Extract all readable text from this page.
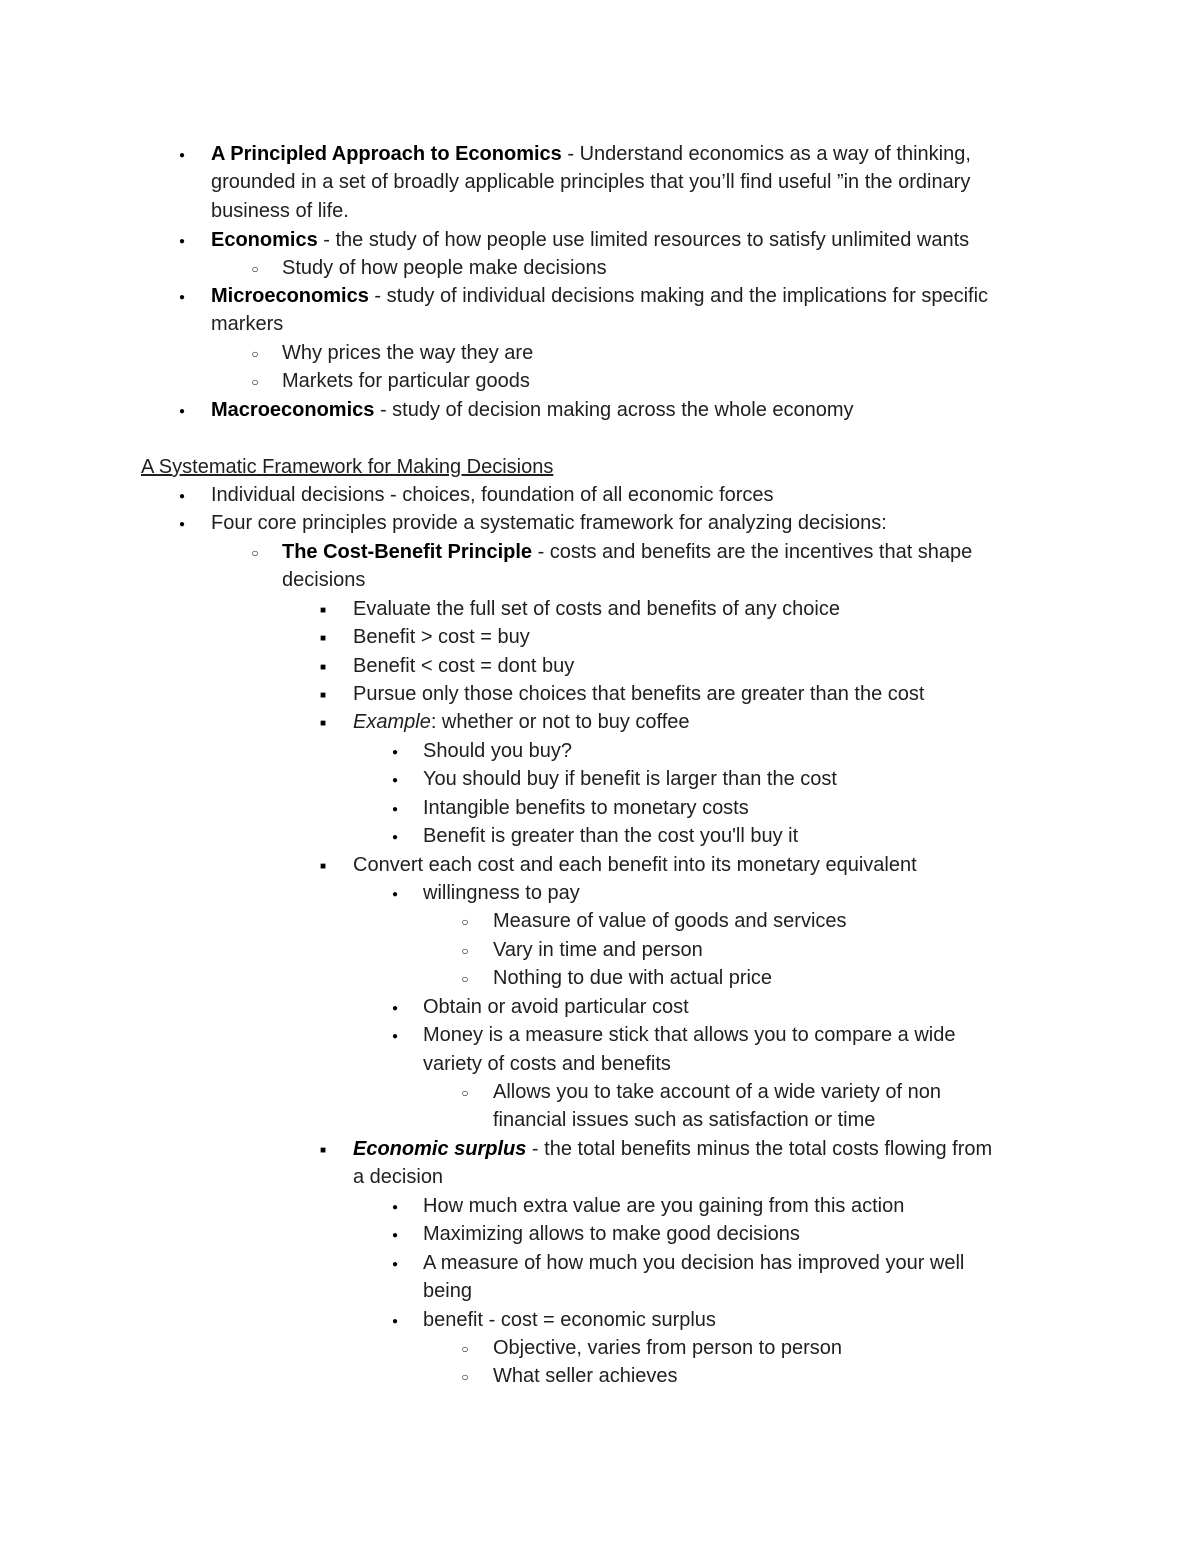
●
A Principled Approach to Economics - Understand economics as a way of thinking,
grounded in a set of broadly applicable principles that you’ll find useful ”in the ordinary
business of life.
●
Economics - the study of how people use limited resources to satisfy unlimited wants
○
Study of how people make decisions
●
Microeconomics - study of individual decisions making and the implications for specific
markers
○
Why prices the way they are
○
Markets for particular goods
●
Macroeconomics - study of decision making across the whole economy
A Systematic Framework for Making Decisions
●
Individual decisions - choices, foundation of all economic forces
●
Four core principles provide a systematic framework for analyzing decisions:
○
The Cost-Benefit Principle - costs and benefits are the incentives that shape
decisions
■
Evaluate the full set of costs and benefits of any choice
■
Benefit > cost = buy
■
Benefit < cost = dont buy
■
Pursue only those choices that benefits are greater than the cost
■
Example: whether or not to buy coffee
●
Should you buy?
●
You should buy if benefit is larger than the cost
●
Intangible benefits to monetary costs
●
Benefit is greater than the cost you'll buy it
■
Convert each cost and each benefit into its monetary equivalent
●
willingness to pay
○
Measure of value of goods and services
○
Vary in time and person
○
Nothing to due with actual price
●
Obtain or avoid particular cost
●
Money is a measure stick that allows you to compare a wide
variety of costs and benefits
○
Allows you to take account of a wide variety of non
financial issues such as satisfaction or time
■
Economic surplus - the total benefits minus the total costs flowing from
a decision
●
How much extra value are you gaining from this action
●
Maximizing allows to make good decisions
●
A measure of how much you decision has improved your well
being
●
benefit - cost = economic surplus
○
Objective, varies from person to person
○
What seller achieves
